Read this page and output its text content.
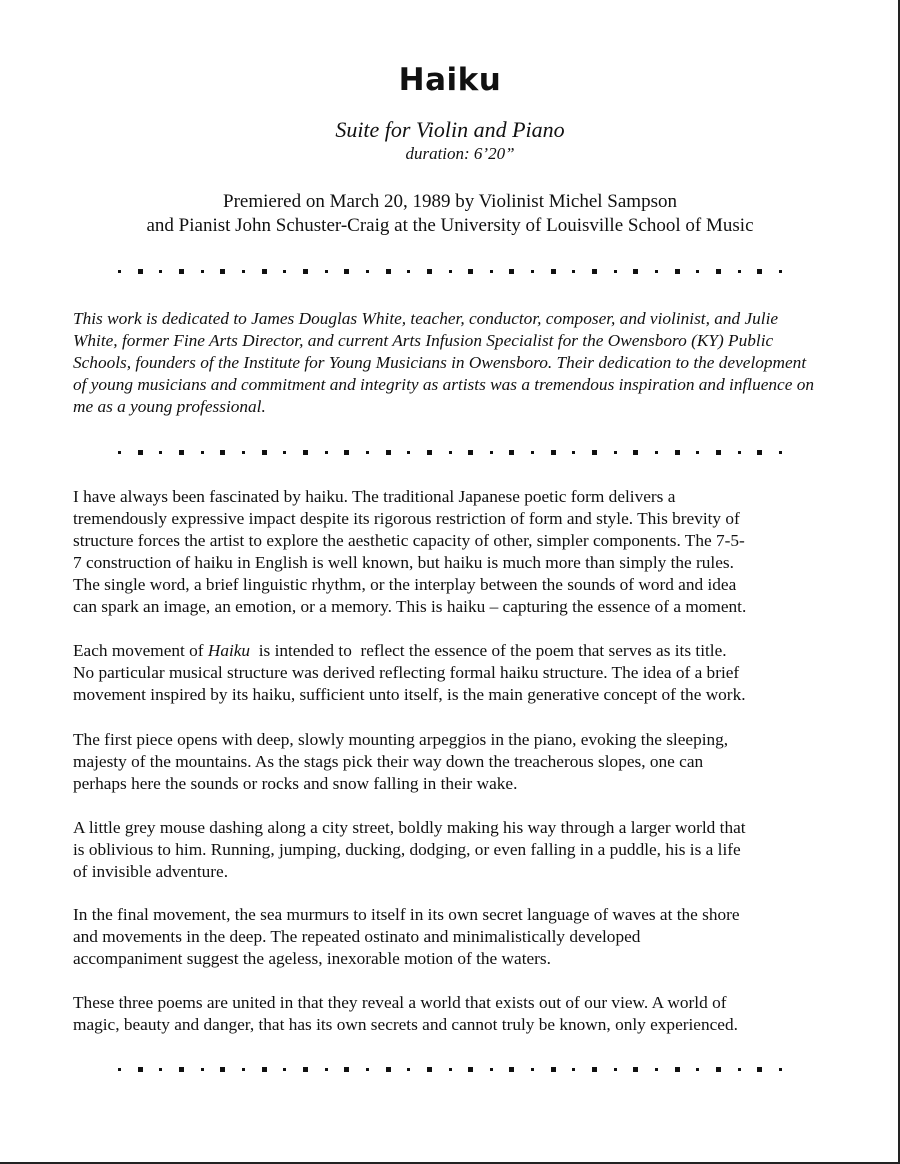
Haiku
Suite for Violin and Piano
duration: 6’20”
Premiered on March 20, 1989 by Violinist Michel Sampson
and Pianist John Schuster-Craig at the University of Louisville School of Music

This work is dedicated to James Douglas White, teacher, conductor, composer, and violinist, and Julie White, former Fine Arts Director, and current Arts Infusion Specialist for the Owensboro (KY) Public Schools, founders of the Institute for Young Musicians in Owensboro. Their dedication to the development of young musicians and commitment and integrity as artists was a tremendous inspiration and influence on me as a young professional.

I have always been fascinated by haiku. The traditional Japanese poetic form delivers a
tremendously expressive impact despite its rigorous restriction of form and style. This brevity of
structure forces the artist to explore the aesthetic capacity of other, simpler components. The 7-5-
7 construction of haiku in English is well known, but haiku is much more than simply the rules.
The single word, a brief linguistic rhythm, or the interplay between the sounds of word and idea
can spark an image, an emotion, or a memory. This is haiku – capturing the essence of a moment.

Each movement of Haiku  is intended to  reflect the essence of the poem that serves as its title.
No particular musical structure was derived reflecting formal haiku structure. The idea of a brief
movement inspired by its haiku, sufficient unto itself, is the main generative concept of the work.

The first piece opens with deep, slowly mounting arpeggios in the piano, evoking the sleeping,
majesty of the mountains. As the stags pick their way down the treacherous slopes, one can
perhaps here the sounds or rocks and snow falling in their wake.

A little grey mouse dashing along a city street, boldly making his way through a larger world that
is oblivious to him. Running, jumping, ducking, dodging, or even falling in a puddle, his is a life
of invisible adventure.

In the final movement, the sea murmurs to itself in its own secret language of waves at the shore
and movements in the deep. The repeated ostinato and minimalistically developed
accompaniment suggest the ageless, inexorable motion of the waters.

These three poems are united in that they reveal a world that exists out of our view. A world of
magic, beauty and danger, that has its own secrets and cannot truly be known, only experienced.
